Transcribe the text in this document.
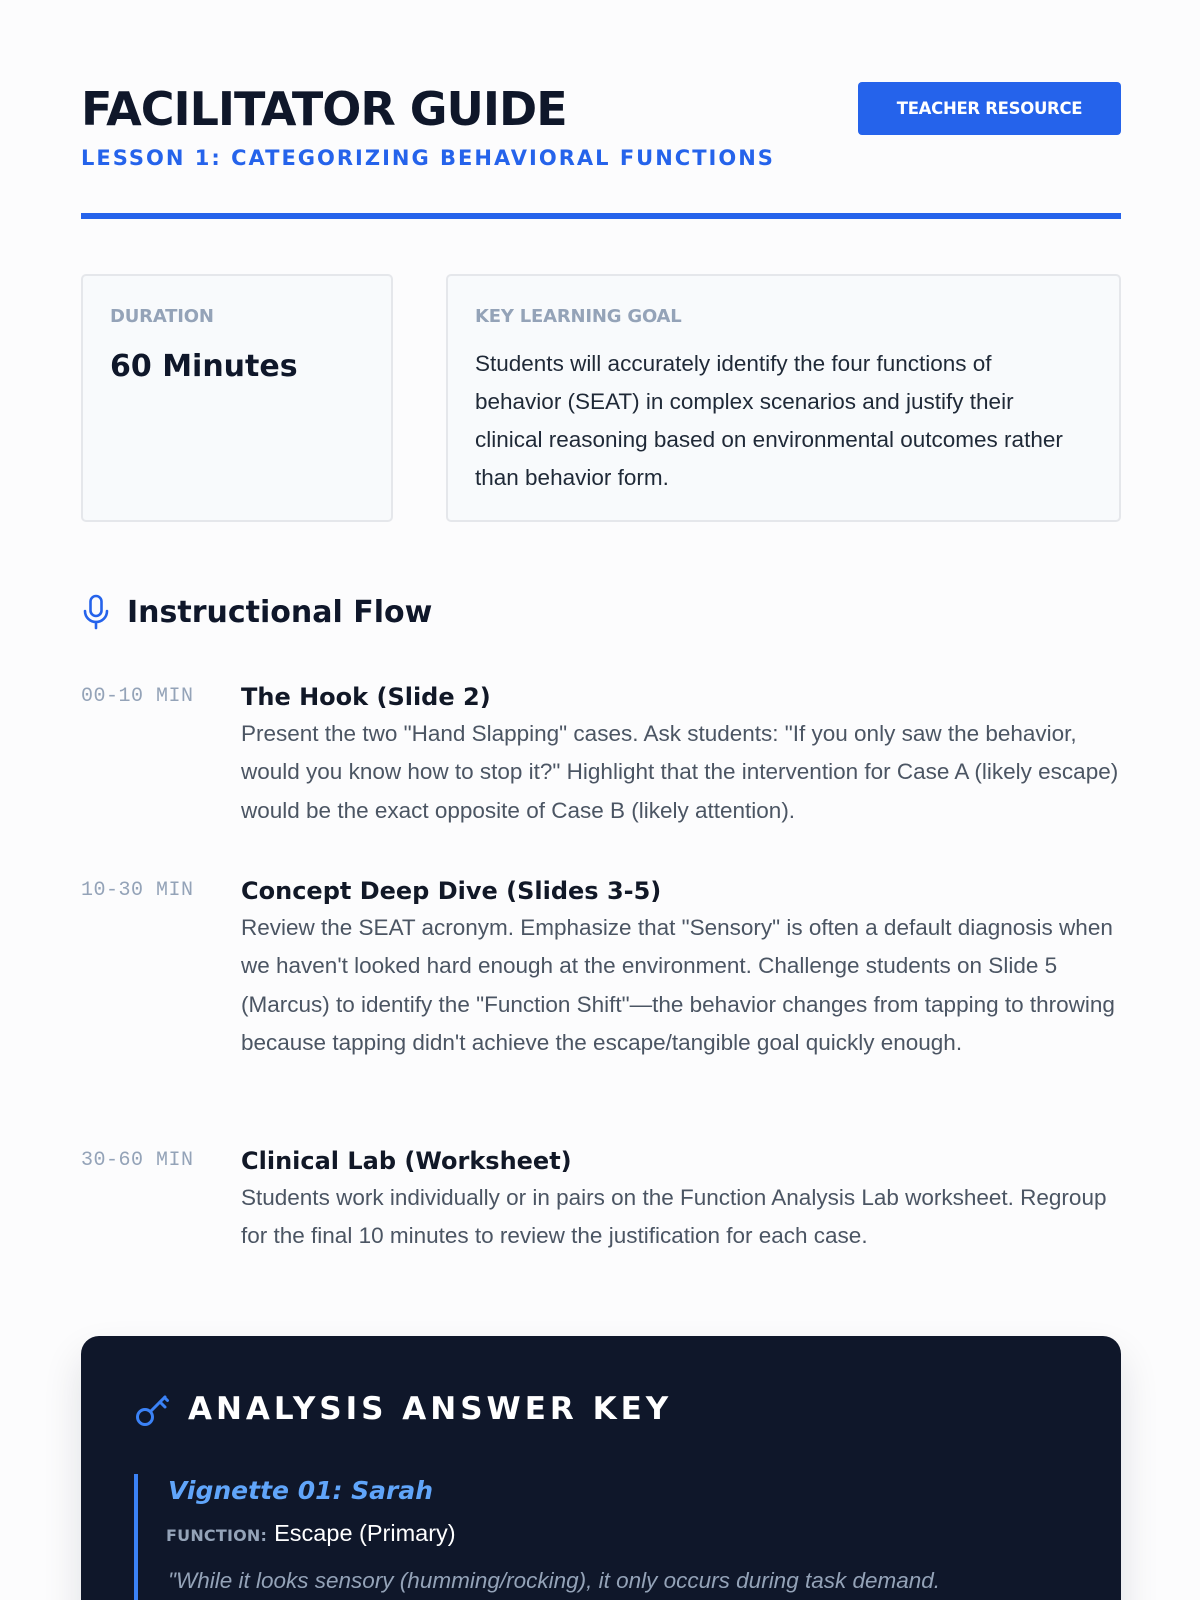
FACILITATOR GUIDE
LESSON 1: CATEGORIZING BEHAVIORAL FUNCTIONS
TEACHER RESOURCE
DURATION
60 Minutes
KEY LEARNING GOAL
Students will accurately identify the four functions of behavior (SEAT) in complex scenarios and justify their clinical reasoning based on environmental outcomes rather than behavior form.
Instructional Flow
00-10 MIN The Hook (Slide 2)
Present the two "Hand Slapping" cases. Ask students: "If you only saw the behavior, would you know how to stop it?" Highlight that the intervention for Case A (likely escape) would be the exact opposite of Case B (likely attention).
10-30 MIN Concept Deep Dive (Slides 3-5)
Review the SEAT acronym. Emphasize that "Sensory" is often a default diagnosis when we haven't looked hard enough at the environment. Challenge students on Slide 5 (Marcus) to identify the "Function Shift"—the behavior changes from tapping to throwing because tapping didn't achieve the escape/tangible goal quickly enough.
30-60 MIN Clinical Lab (Worksheet)
Students work individually or in pairs on the Function Analysis Lab worksheet. Regroup for the final 10 minutes to review the justification for each case.
ANALYSIS ANSWER KEY
Vignette 01: Sarah
FUNCTION: Escape (Primary)
"While it looks sensory (humming/rocking), it only occurs during task demand.
